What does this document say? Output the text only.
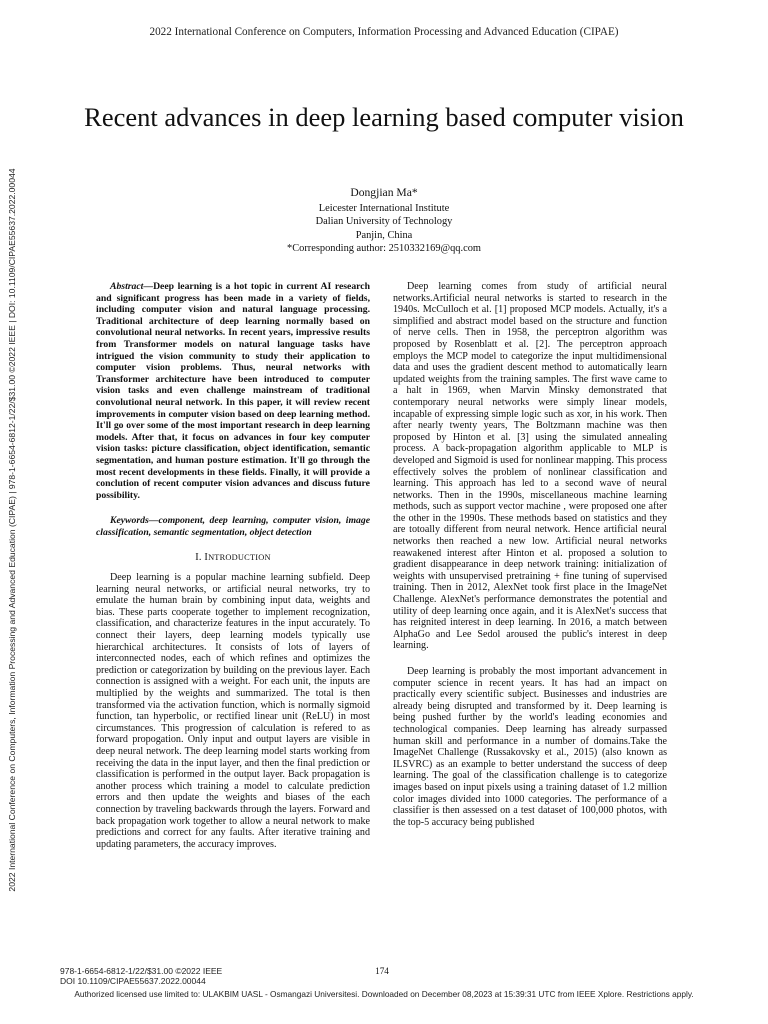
2022 International Conference on Computers, Information Processing and Advanced Education (CIPAE)
2022 International Conference on Computers, Information Processing and Advanced Education (CIPAE) | 978-1-6654-6812-1/22/$31.00 ©2022 IEEE | DOI: 10.1109/CIPAE55637.2022.00044
Recent advances in deep learning based computer vision
Dongjian Ma*
Leicester International Institute
Dalian University of Technology
Panjin, China
*Corresponding author: 2510332169@qq.com

Abstract—Deep learning is a hot topic in current AI research and significant progress has been made in a variety of fields, including computer vision and natural language processing. Traditional architecture of deep learning normally based on convolutional neural networks. In recent years, impressive results from Transformer models on natural language tasks have intrigued the vision community to study their application to computer vision problems. Thus, neural networks with Transformer architecture have been introduced to computer vision tasks and even challenge mainstream of traditional convolutional neural network. In this paper, it will review recent improvements in computer vision based on deep learning method. It'll go over some of the most important research in deep learning models. After that, it focus on advances in four key computer vision tasks: picture classification, object identification, semantic segmentation, and human posture estimation. It'll go through the most recent developments in these fields. Finally, it will provide a conclution of recent computer vision advances and discuss future possibility.

Keywords—component, deep learning, computer vision, image classification, semantic segmentation, object detection

I. INTRODUCTION

Deep learning is a popular machine learning subfield. Deep learning neural networks, or artificial neural networks, try to emulate the human brain by combining input data, weights and bias. These parts cooperate together to implement recognization, classification, and characterize features in the input accurately. To connect their layers, deep learning models typically use hierarchical architectures. It consists of lots of layers of interconnected nodes, each of which refines and optimizes the prediction or categorization by building on the previous layer. Each connection is assigned with a weight. For each unit, the inputs are multiplied by the weights and summarized. The total is then transformed via the activation function, which is normally sigmoid function, tan hyperbolic, or rectified linear unit (ReLU) in most circumstances. This progression of calculation is refered to as forward propogation. Only input and output layers are visible in deep neural network. The deep learning model starts working from receiving the data in the input layer, and then the final prediction or classification is performed in the output layer. Back propagation is another process which training a model to calculate prediction errors and then update the weights and biases of the each connection by traveling backwards through the layers. Forward and back propagation work together to allow a neural network to make predictions and correct for any faults. After iterative training and updating parameters, the accuracy improves.

Deep learning comes from study of artificial neural networks.Artificial neural networks is started to research in the 1940s. McCulloch et al. [1] proposed MCP models. Actually, it's a simplified and abstract model based on the structure and function of nerve cells. Then in 1958, the perceptron algorithm was proposed by Rosenblatt et al. [2]. The perceptron approach employs the MCP model to categorize the input multidimensional data and uses the gradient descent method to automatically learn updated weights from the training samples. The first wave came to a halt in 1969, when Marvin Minsky demonstrated that contemporary neural networks were simply linear models, incapable of expressing simple logic such as xor, in his work. Then after nearly twenty years, The Boltzmann machine was then proposed by Hinton et al. [3] using the simulated annealing process. A back-propagation algorithm applicable to MLP is developed and Sigmoid is used for nonlinear mapping. This process effectively solves the problem of nonlinear classification and learning. This approach has led to a second wave of neural networks. Then in the 1990s, miscellaneous machine learning methods, such as support vector machine , were proposed one after the other in the 1990s. These methods based on statistics and they are totoally different from neural network. Hence artificial neural networks then reached a new low. Artificial neural networks reawakened interest after Hinton et al. proposed a solution to gradient disappearance in deep network training: initialization of weights with unsupervised pretraining + fine tuning of supervised training. Then in 2012, AlexNet took first place in the ImageNet Challenge. AlexNet's performance demonstrates the potential and utility of deep learning once again, and it is AlexNet's success that has reignited interest in deep learning. In 2016, a match between AlphaGo and Lee Sedol aroused the public's interest in deep learning.

Deep learning is probably the most important advancement in computer science in recent years. It has had an impact on practically every scientific subject. Businesses and industries are already being disrupted and transformed by it. Deep learning is being pushed further by the world's leading economies and technological companies. Deep learning has already surpassed human skill and performance in a number of domains.Take the ImageNet Challenge (Russakovsky et al., 2015) (also known as ILSVRC) as an example to better understand the success of deep learning. The goal of the classification challenge is to categorize images based on input pixels using a training dataset of 1.2 million color images divided into 1000 categories. The performance of a classifier is then assessed on a test dataset of 100,000 photos, with the top-5 accuracy being published

978-1-6654-6812-1/22/$31.00 ©2022 IEEE
DOI 10.1109/CIPAE55637.2022.00044
174
Authorized licensed use limited to: ULAKBIM UASL - Osmangazi Universitesi. Downloaded on December 08,2023 at 15:39:31 UTC from IEEE Xplore. Restrictions apply.
